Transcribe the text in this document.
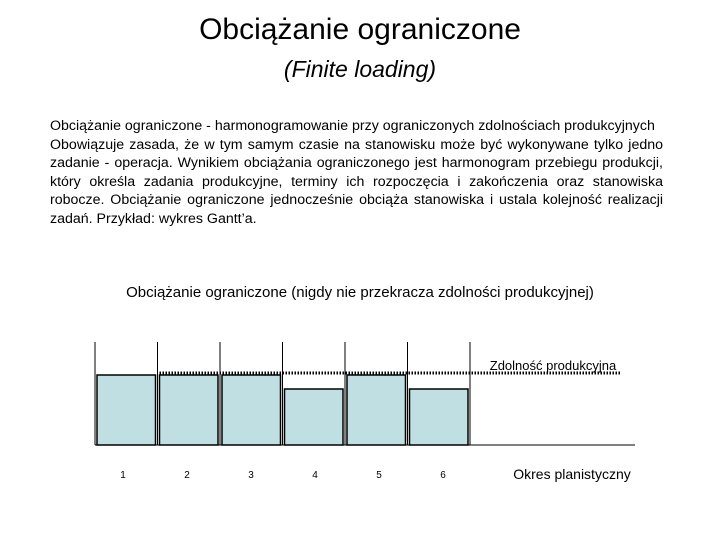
Obciążanie ograniczone
(Finite loading)
Obciążanie ograniczone - harmonogramowanie przy ograniczonych zdolnościach produkcyjnych
Obowiązuje zasada, że w tym samym czasie na stanowisku może być wykonywane tylko jedno zadanie - operacja. Wynikiem obciążania ograniczonego jest harmonogram przebiegu produkcji, który określa zadania produkcyjne, terminy ich rozpoczęcia i zakończenia oraz stanowiska robocze. Obciążanie ograniczone jednocześnie obciąża stanowiska i ustala kolejność realizacji zadań. Przykład: wykres Gantt’a.
Obciążanie ograniczone (nigdy nie przekracza zdolności produkcyjnej)
1	2	3	4	5	6
Zdolność produkcyjna
Okres planistyczny
